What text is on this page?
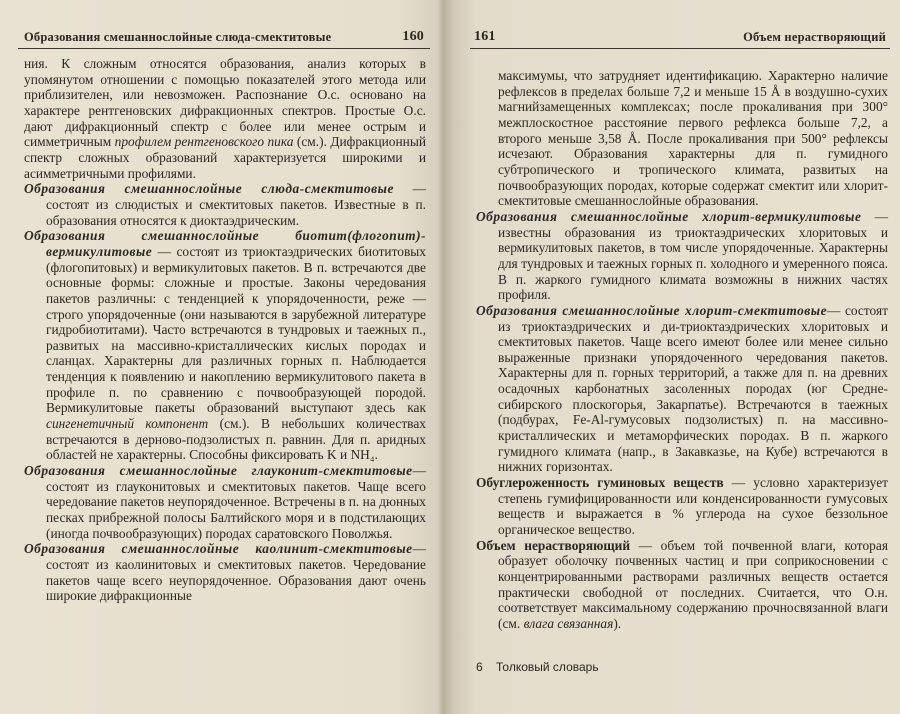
Образования смешаннослойные слюда-смектитовые	160

ния. К сложным относятся образования, анализ которых в упомянутом отношении с помощью показателей этого метода или приблизителен, или невозможен. Распознание О.с. основано на характере рентгеновских дифракционных спектров. Простые О.с. дают дифракционный спектр с более или менее острым и симметричным профилем рентгеновского пика (см.). Дифракционный спектр сложных образований характеризуется широкими и асимметричными профилями.

Образования смешаннослойные слюда-смектитовые — состоят из слюдистых и смектитовых пакетов. Известные в п. образования относятся к диоктаэдрическим.

Образования смешаннослойные биотит(флогопит)-вермикулитовые — состоят из триоктаэдрических биотитовых (флогопитовых) и вермикулитовых пакетов. В п. встречаются две основные формы: сложные и простые. Законы чередования пакетов различны: с тенденцией к упорядоченности, реже — строго упорядоченные (они называются в зарубежной литературе гидробиотитами). Часто встречаются в тундровых и таежных п., развитых на массивно-кристаллических кислых породах и сланцах. Характерны для различных горных п. Наблюдается тенденция к появлению и накоплению вермикулитового пакета в профиле п. по сравнению с почвообразующей породой. Вермикулитовые пакеты образований выступают здесь как сингенетичный компонент (см.). В небольших количествах встречаются в дерново-подзолистых п. равнин. Для п. аридных областей не характерны. Способны фиксировать K и NH₄.

Образования смешаннослойные глауконит-смектитовые—состоят из глауконитовых и смектитовых пакетов. Чаще всего чередование пакетов неупорядоченное. Встречены в п. на дюнных песках прибрежной полосы Балтийского моря и в подстилающих (иногда почвообразующих) породах саратовского Поволжья.

Образования смешаннослойные каолинит-смектитовые—состоят из каолинитовых и смектитовых пакетов. Чередование пакетов чаще всего неупорядоченное. Образования дают очень широкие дифракционные

161	Объем нерастворяющий

максимумы, что затрудняет идентификацию. Характерно наличие рефлексов в пределах больше 7,2 и меньше 15 Å в воздушно-сухих магнийзамещенных комплексах; после прокаливания при 300° межплоскостное расстояние первого рефлекса больше 7,2, а второго меньше 3,58 Å. После прокаливания при 500° рефлексы исчезают. Образования характерны для п. гумидного субтропического и тропического климата, развитых на почвообразующих породах, которые содержат смектит или хлорит-смектитовые смешаннослойные образования.

Образования смешаннослойные хлорит-вермикулитовые — известны образования из триоктаэдрических хлоритовых и вермикулитовых пакетов, в том числе упорядоченные. Характерны для тундровых и таежных горных п. холодного и умеренного пояса. В п. жаркого гумидного климата возможны в нижних частях профиля.

Образования смешаннослойные хлорит-смектитовые— состоят из триоктаэдрических и ди-триоктаэдрических хлоритовых и смектитовых пакетов. Чаще всего имеют более или менее сильно выраженные признаки упорядоченного чередования пакетов. Характерны для п. горных территорий, а также для п. на древних осадочных карбонатных засоленных породах (юг Средне-сибирского плоскогорья, Закарпатье). Встречаются в таежных (подбурах, Fe-Al-гумусовых подзолистых) п. на массивно-кристаллических и метаморфических породах. В п. жаркого гумидного климата (напр., в Закавказье, на Кубе) встречаются в нижних горизонтах.

Обуглероженность гуминовых веществ — условно характеризует степень гумифицированности или конденсированности гумусовых веществ и выражается в % углерода на сухое беззольное органическое вещество.

Объем нерастворяющий — объем той почвенной влаги, которая образует оболочку почвенных частиц и при соприкосновении с концентрированными растворами различных веществ остается практически свободной от последних. Считается, что О.н. соответствует максимальному содержанию прочносвязанной влаги (см. влага связанная).

6 Толковый словарь
